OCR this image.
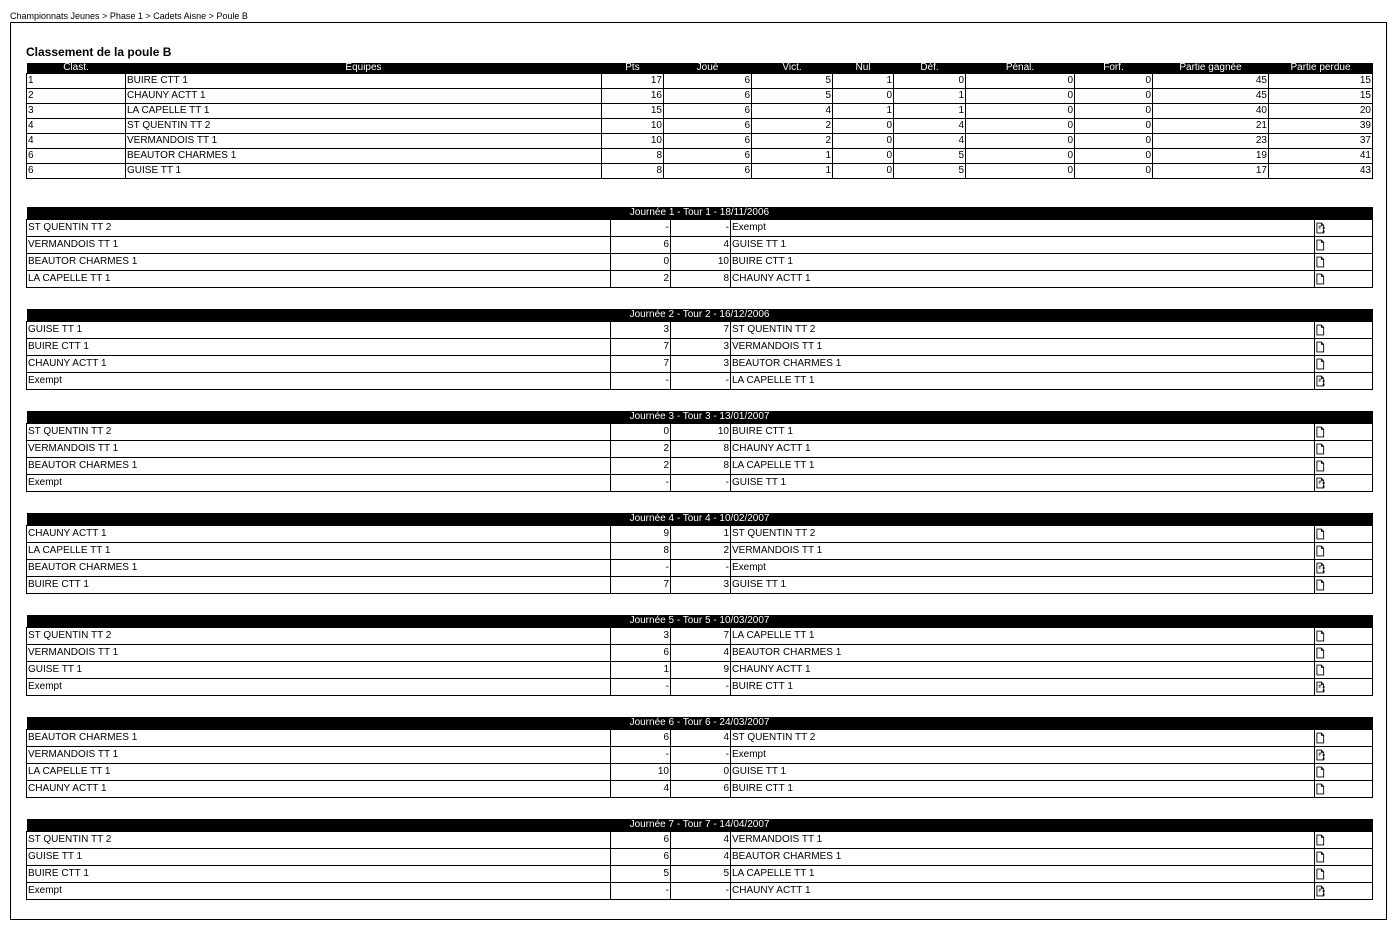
Championnats Jeunes > Phase 1 > Cadets Aisne > Poule B
Classement de la poule B
Clast.	Equipes	Pts	Joué	Vict.	Nul	Déf.	Pénal.	Forf.	Partie gagnée	Partie perdue
1	BUIRE CTT 1	17	6	5	1	0	0	0	45	15
2	CHAUNY ACTT 1	16	6	5	0	1	0	0	45	15
3	LA CAPELLE TT 1	15	6	4	1	1	0	0	40	20
4	ST QUENTIN TT 2	10	6	2	0	4	0	0	21	39
4	VERMANDOIS TT 1	10	6	2	0	4	0	0	23	37
6	BEAUTOR CHARMES 1	8	6	1	0	5	0	0	19	41
6	GUISE TT 1	8	6	1	0	5	0	0	17	43
Journée 1 - Tour 1 - 18/11/2006				
ST QUENTIN TT 2	-	-	Exempt	
VERMANDOIS TT 1	6	4	GUISE TT 1	
BEAUTOR CHARMES 1	0	10	BUIRE CTT 1	
LA CAPELLE TT 1	2	8	CHAUNY ACTT 1	
Journée 2 - Tour 2 - 16/12/2006				
GUISE TT 1	3	7	ST QUENTIN TT 2	
BUIRE CTT 1	7	3	VERMANDOIS TT 1	
CHAUNY ACTT 1	7	3	BEAUTOR CHARMES 1	
Exempt	-	-	LA CAPELLE TT 1	
Journée 3 - Tour 3 - 13/01/2007				
ST QUENTIN TT 2	0	10	BUIRE CTT 1	
VERMANDOIS TT 1	2	8	CHAUNY ACTT 1	
BEAUTOR CHARMES 1	2	8	LA CAPELLE TT 1	
Exempt	-	-	GUISE TT 1	
Journée 4 - Tour 4 - 10/02/2007				
CHAUNY ACTT 1	9	1	ST QUENTIN TT 2	
LA CAPELLE TT 1	8	2	VERMANDOIS TT 1	
BEAUTOR CHARMES 1	-	-	Exempt	
BUIRE CTT 1	7	3	GUISE TT 1	
Journée 5 - Tour 5 - 10/03/2007				
ST QUENTIN TT 2	3	7	LA CAPELLE TT 1	
VERMANDOIS TT 1	6	4	BEAUTOR CHARMES 1	
GUISE TT 1	1	9	CHAUNY ACTT 1	
Exempt	-	-	BUIRE CTT 1	
Journée 6 - Tour 6 - 24/03/2007				
BEAUTOR CHARMES 1	6	4	ST QUENTIN TT 2	
VERMANDOIS TT 1	-	-	Exempt	
LA CAPELLE TT 1	10	0	GUISE TT 1	
CHAUNY ACTT 1	4	6	BUIRE CTT 1	
Journée 7 - Tour 7 - 14/04/2007				
ST QUENTIN TT 2	6	4	VERMANDOIS TT 1	
GUISE TT 1	6	4	BEAUTOR CHARMES 1	
BUIRE CTT 1	5	5	LA CAPELLE TT 1	
Exempt	-	-	CHAUNY ACTT 1	
